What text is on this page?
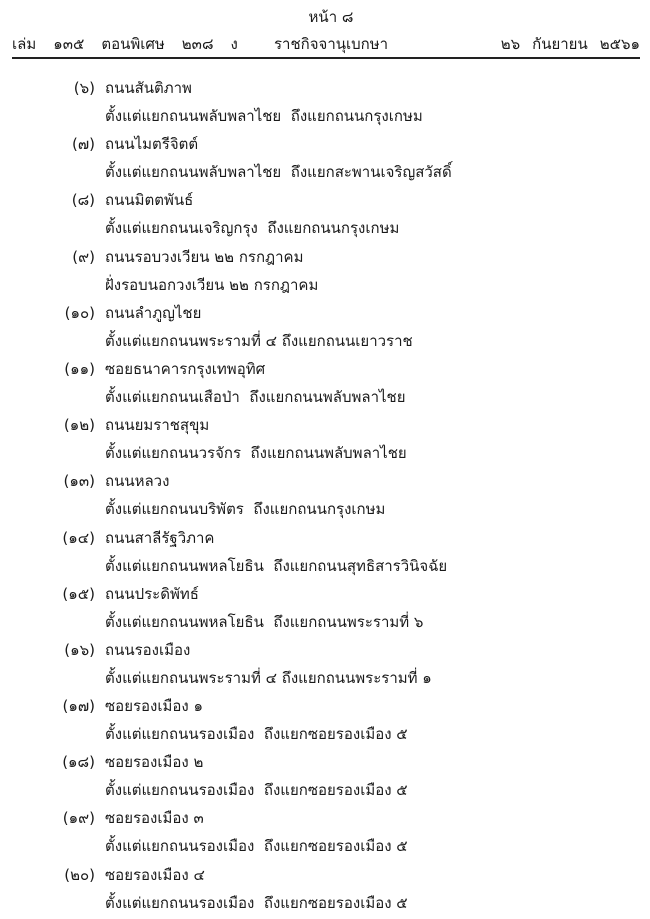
หน้า ๘
เล่ม ๑๓๕ ตอนพิเศษ ๒๓๘ ง	ราชกิจจานุเบกษา	๒๖ กันยายน ๒๕๖๑
(๖) ถนนสันติภาพ
ตั้งแต่แยกถนนพลับพลาไชย  ถึงแยกถนนกรุงเกษม
(๗) ถนนไมตรีจิตต์
ตั้งแต่แยกถนนพลับพลาไชย  ถึงแยกสะพานเจริญสวัสดิ์
(๘) ถนนมิตตพันธ์
ตั้งแต่แยกถนนเจริญกรุง  ถึงแยกถนนกรุงเกษม
(๙) ถนนรอบวงเวียน ๒๒ กรกฎาคม
ฝั่งรอบนอกวงเวียน ๒๒ กรกฎาคม
(๑๐) ถนนลำภูญไชย
ตั้งแต่แยกถนนพระรามที่ ๔ ถึงแยกถนนเยาวราช
(๑๑) ซอยธนาคารกรุงเทพอุทิศ
ตั้งแต่แยกถนนเสือป่า  ถึงแยกถนนพลับพลาไชย
(๑๒) ถนนยมราชสุขุม
ตั้งแต่แยกถนนวรจักร  ถึงแยกถนนพลับพลาไชย
(๑๓) ถนนหลวง
ตั้งแต่แยกถนนบริพัตร  ถึงแยกถนนกรุงเกษม
(๑๔) ถนนสาลีรัฐวิภาค
ตั้งแต่แยกถนนพหลโยธิน  ถึงแยกถนนสุทธิสารวินิจฉัย
(๑๕) ถนนประดิพัทธ์
ตั้งแต่แยกถนนพหลโยธิน  ถึงแยกถนนพระรามที่ ๖
(๑๖) ถนนรองเมือง
ตั้งแต่แยกถนนพระรามที่ ๔ ถึงแยกถนนพระรามที่ ๑
(๑๗) ซอยรองเมือง ๑
ตั้งแต่แยกถนนรองเมือง  ถึงแยกซอยรองเมือง ๕
(๑๘) ซอยรองเมือง ๒
ตั้งแต่แยกถนนรองเมือง  ถึงแยกซอยรองเมือง ๕
(๑๙) ซอยรองเมือง ๓
ตั้งแต่แยกถนนรองเมือง  ถึงแยกซอยรองเมือง ๕
(๒๐) ซอยรองเมือง ๔
ตั้งแต่แยกถนนรองเมือง  ถึงแยกซอยรองเมือง ๕
